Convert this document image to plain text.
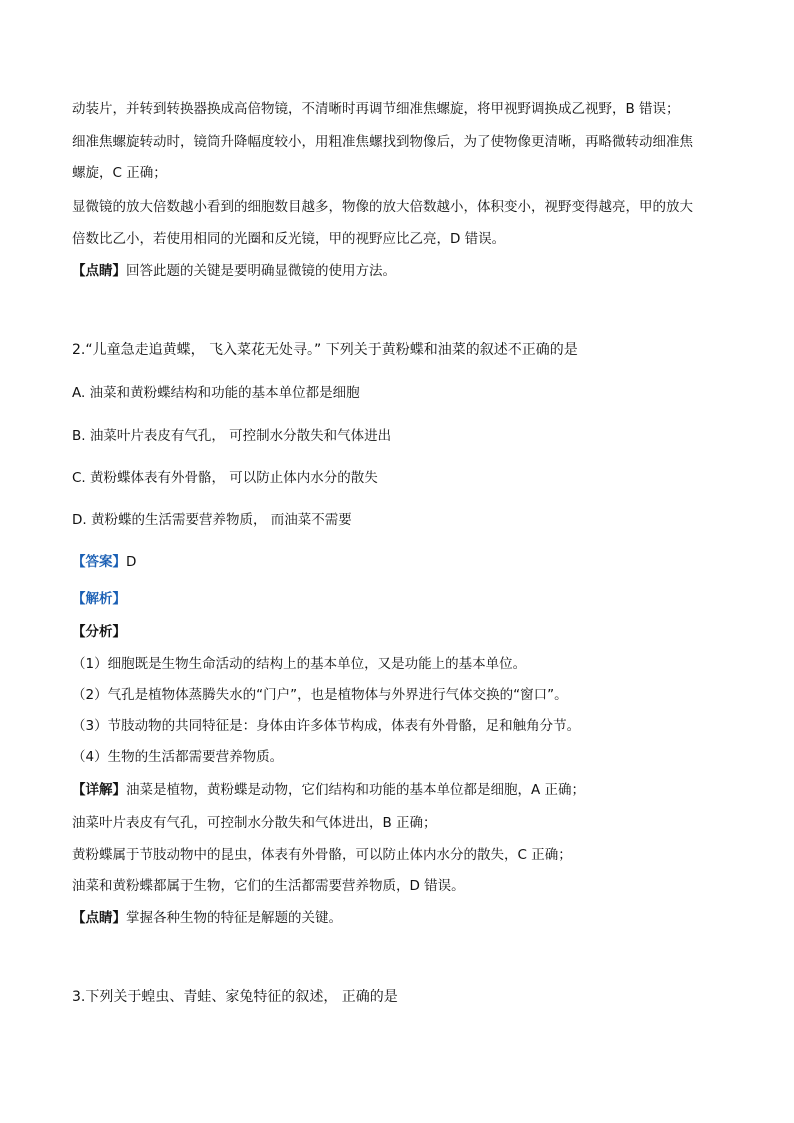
动装片，并转到转换器换成高倍物镜，不清晰时再调节细准焦螺旋，将甲视野调换成乙视野，B 错误；
细准焦螺旋转动时，镜筒升降幅度较小，用粗准焦螺找到物像后，为了使物像更清晰，再略微转动细准焦
螺旋，C 正确；
显微镜的放大倍数越小看到的细胞数目越多，物像的放大倍数越小，体积变小，视野变得越亮，甲的放大
倍数比乙小，若使用相同的光圈和反光镜，甲的视野应比乙亮，D 错误。
【点睛】回答此题的关键是要明确显微镜的使用方法。
2.“儿童急走追黄蝶， 飞入菜花无处寻。” 下列关于黄粉蝶和油菜的叙述不正确的是
A. 油菜和黄粉蝶结构和功能的基本单位都是细胞
B. 油菜叶片表皮有气孔， 可控制水分散失和气体进出
C. 黄粉蝶体表有外骨骼， 可以防止体内水分的散失
D. 黄粉蝶的生活需要营养物质， 而油菜不需要
【答案】D
【解析】
【分析】
（1）细胞既是生物生命活动的结构上的基本单位，又是功能上的基本单位。
（2）气孔是植物体蒸腾失水的“门户”，也是植物体与外界进行气体交换的“窗口”。
（3）节肢动物的共同特征是：身体由许多体节构成，体表有外骨骼，足和触角分节。
（4）生物的生活都需要营养物质。
【详解】油菜是植物，黄粉蝶是动物，它们结构和功能的基本单位都是细胞，A 正确；
油菜叶片表皮有气孔，可控制水分散失和气体进出，B 正确；
黄粉蝶属于节肢动物中的昆虫，体表有外骨骼，可以防止体内水分的散失，C 正确；
油菜和黄粉蝶都属于生物，它们的生活都需要营养物质，D 错误。
【点睛】掌握各种生物的特征是解题的关键。
3.下列关于蝗虫、青蛙、家兔特征的叙述， 正确的是
